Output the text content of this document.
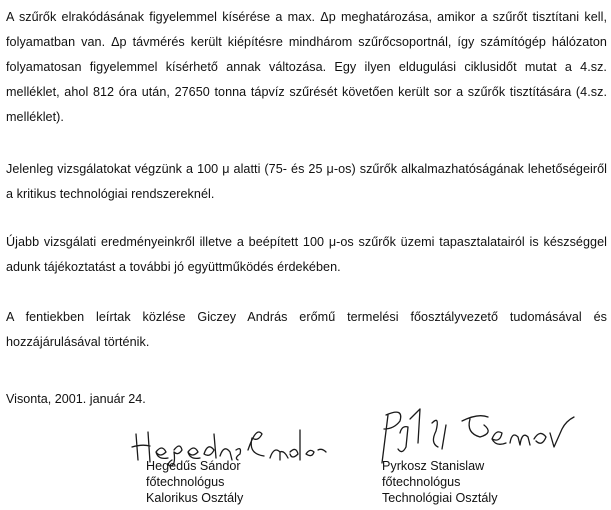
A szűrők elrakódásának figyelemmel kísérése a max. Δp meghatározása, amikor a szűrőt tisztítani kell, folyamatban van. Δp távmérés került kiépítésre mindhárom szűrőcsoportnál, így számítógép hálózaton folyamatosan figyelemmel kísérhető annak változása. Egy ilyen eldugulási ciklusidőt mutat a 4.sz. melléklet, ahol 812 óra után, 27650 tonna tápvíz szűrését követően került sor a szűrők tisztítására (4.sz. melléklet).

Jelenleg vizsgálatokat végzünk a 100 μ alatti (75- és 25 μ-os) szűrők alkalmazhatóságának lehetőségeiről a kritikus technológiai rendszereknél.

Újabb vizsgálati eredményeinkről illetve a beépített 100 μ-os szűrők üzemi tapasztalatairól is készséggel adunk tájékoztatást a további jó együttműködés érdekében.

A fentiekben leírtak közlése Giczey András erőmű termelési főosztályvezető tudomásával és hozzájárulásával történik.

Visonta, 2001. január 24.

Hegedűs Sándor
főtechnológus
Kalorikus Osztály
Pyrkosz Stanislaw
főtechnológus
Technológiai Osztály
